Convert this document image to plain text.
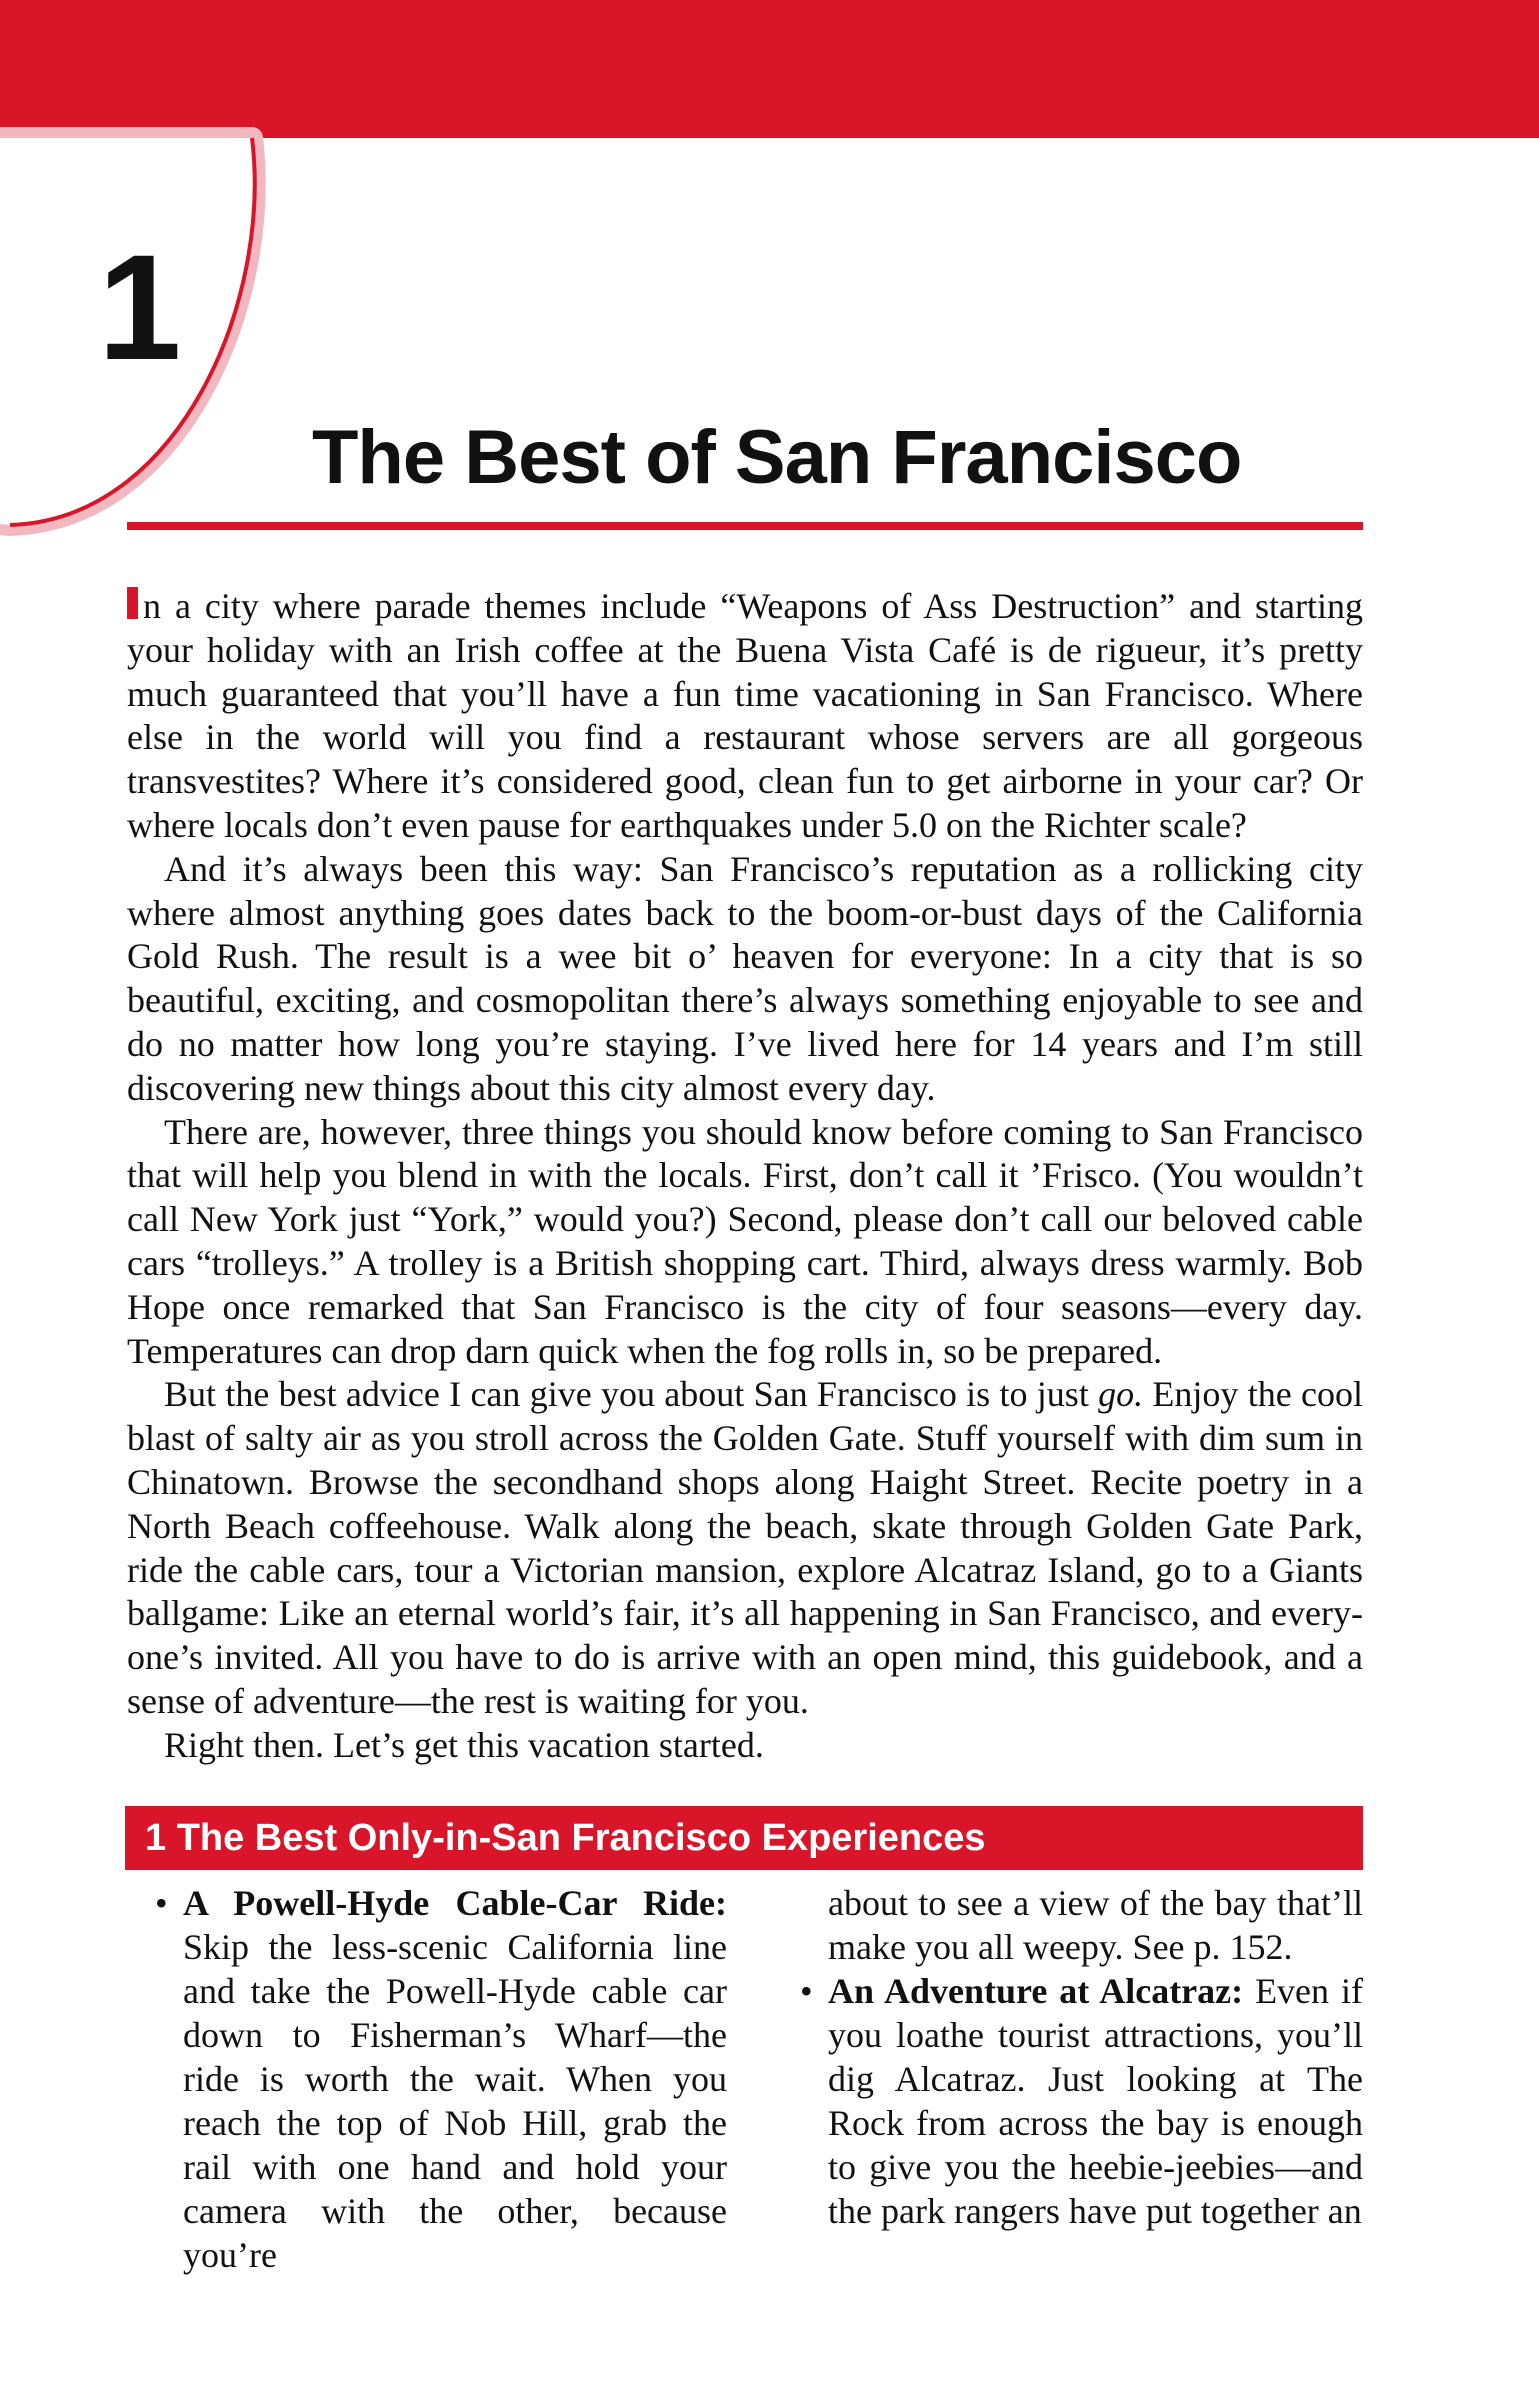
1
The Best of San Francisco

n a city where parade themes include “Weapons of Ass Destruction” and starting your holiday with an Irish coffee at the Buena Vista Café is de rigueur, it’s pretty much guaranteed that you’ll have a fun time vacationing in San Francisco. Where else in the world will you find a restaurant whose servers are all gorgeous transvestites? Where it’s considered good, clean fun to get airborne in your car? Or where locals don’t even pause for earthquakes under 5.0 on the Richter scale?

And it’s always been this way: San Francisco’s reputation as a rollicking city where almost anything goes dates back to the boom-or-bust days of the California Gold Rush. The result is a wee bit o’ heaven for everyone: In a city that is so beautiful, exciting, and cosmopolitan there’s always something enjoyable to see and do no matter how long you’re staying. I’ve lived here for 14 years and I’m still discovering new things about this city almost every day.

There are, however, three things you should know before coming to San Francisco that will help you blend in with the locals. First, don’t call it ’Frisco. (You wouldn’t call New York just “York,” would you?) Second, please don’t call our beloved cable cars “trolleys.” A trolley is a British shopping cart. Third, always dress warmly. Bob Hope once remarked that San Francisco is the city of four seasons—every day. Temperatures can drop darn quick when the fog rolls in, so be prepared.

But the best advice I can give you about San Francisco is to just go. Enjoy the cool blast of salty air as you stroll across the Golden Gate. Stuff yourself with dim sum in Chinatown. Browse the secondhand shops along Haight Street. Recite poetry in a North Beach coffeehouse. Walk along the beach, skate through Golden Gate Park, ride the cable cars, tour a Victorian mansion, explore Alcatraz Island, go to a Giants ballgame: Like an eternal world’s fair, it’s all happening in San Francisco, and everyone’s invited. All you have to do is arrive with an open mind, this guidebook, and a sense of adventure—the rest is waiting for you.

Right then. Let’s get this vacation started.

1 The Best Only-in-San Francisco Experiences
• A Powell-Hyde Cable-Car Ride: Skip the less-scenic California line and take the Powell-Hyde cable car down to Fisherman’s Wharf—the ride is worth the wait. When you reach the top of Nob Hill, grab the rail with one hand and hold your camera with the other, because you’re
about to see a view of the bay that’ll make you all weepy. See p. 152.
• An Adventure at Alcatraz: Even if you loathe tourist attractions, you’ll dig Alcatraz. Just looking at The Rock from across the bay is enough to give you the heebie-jeebies—and the park rangers have put together an
